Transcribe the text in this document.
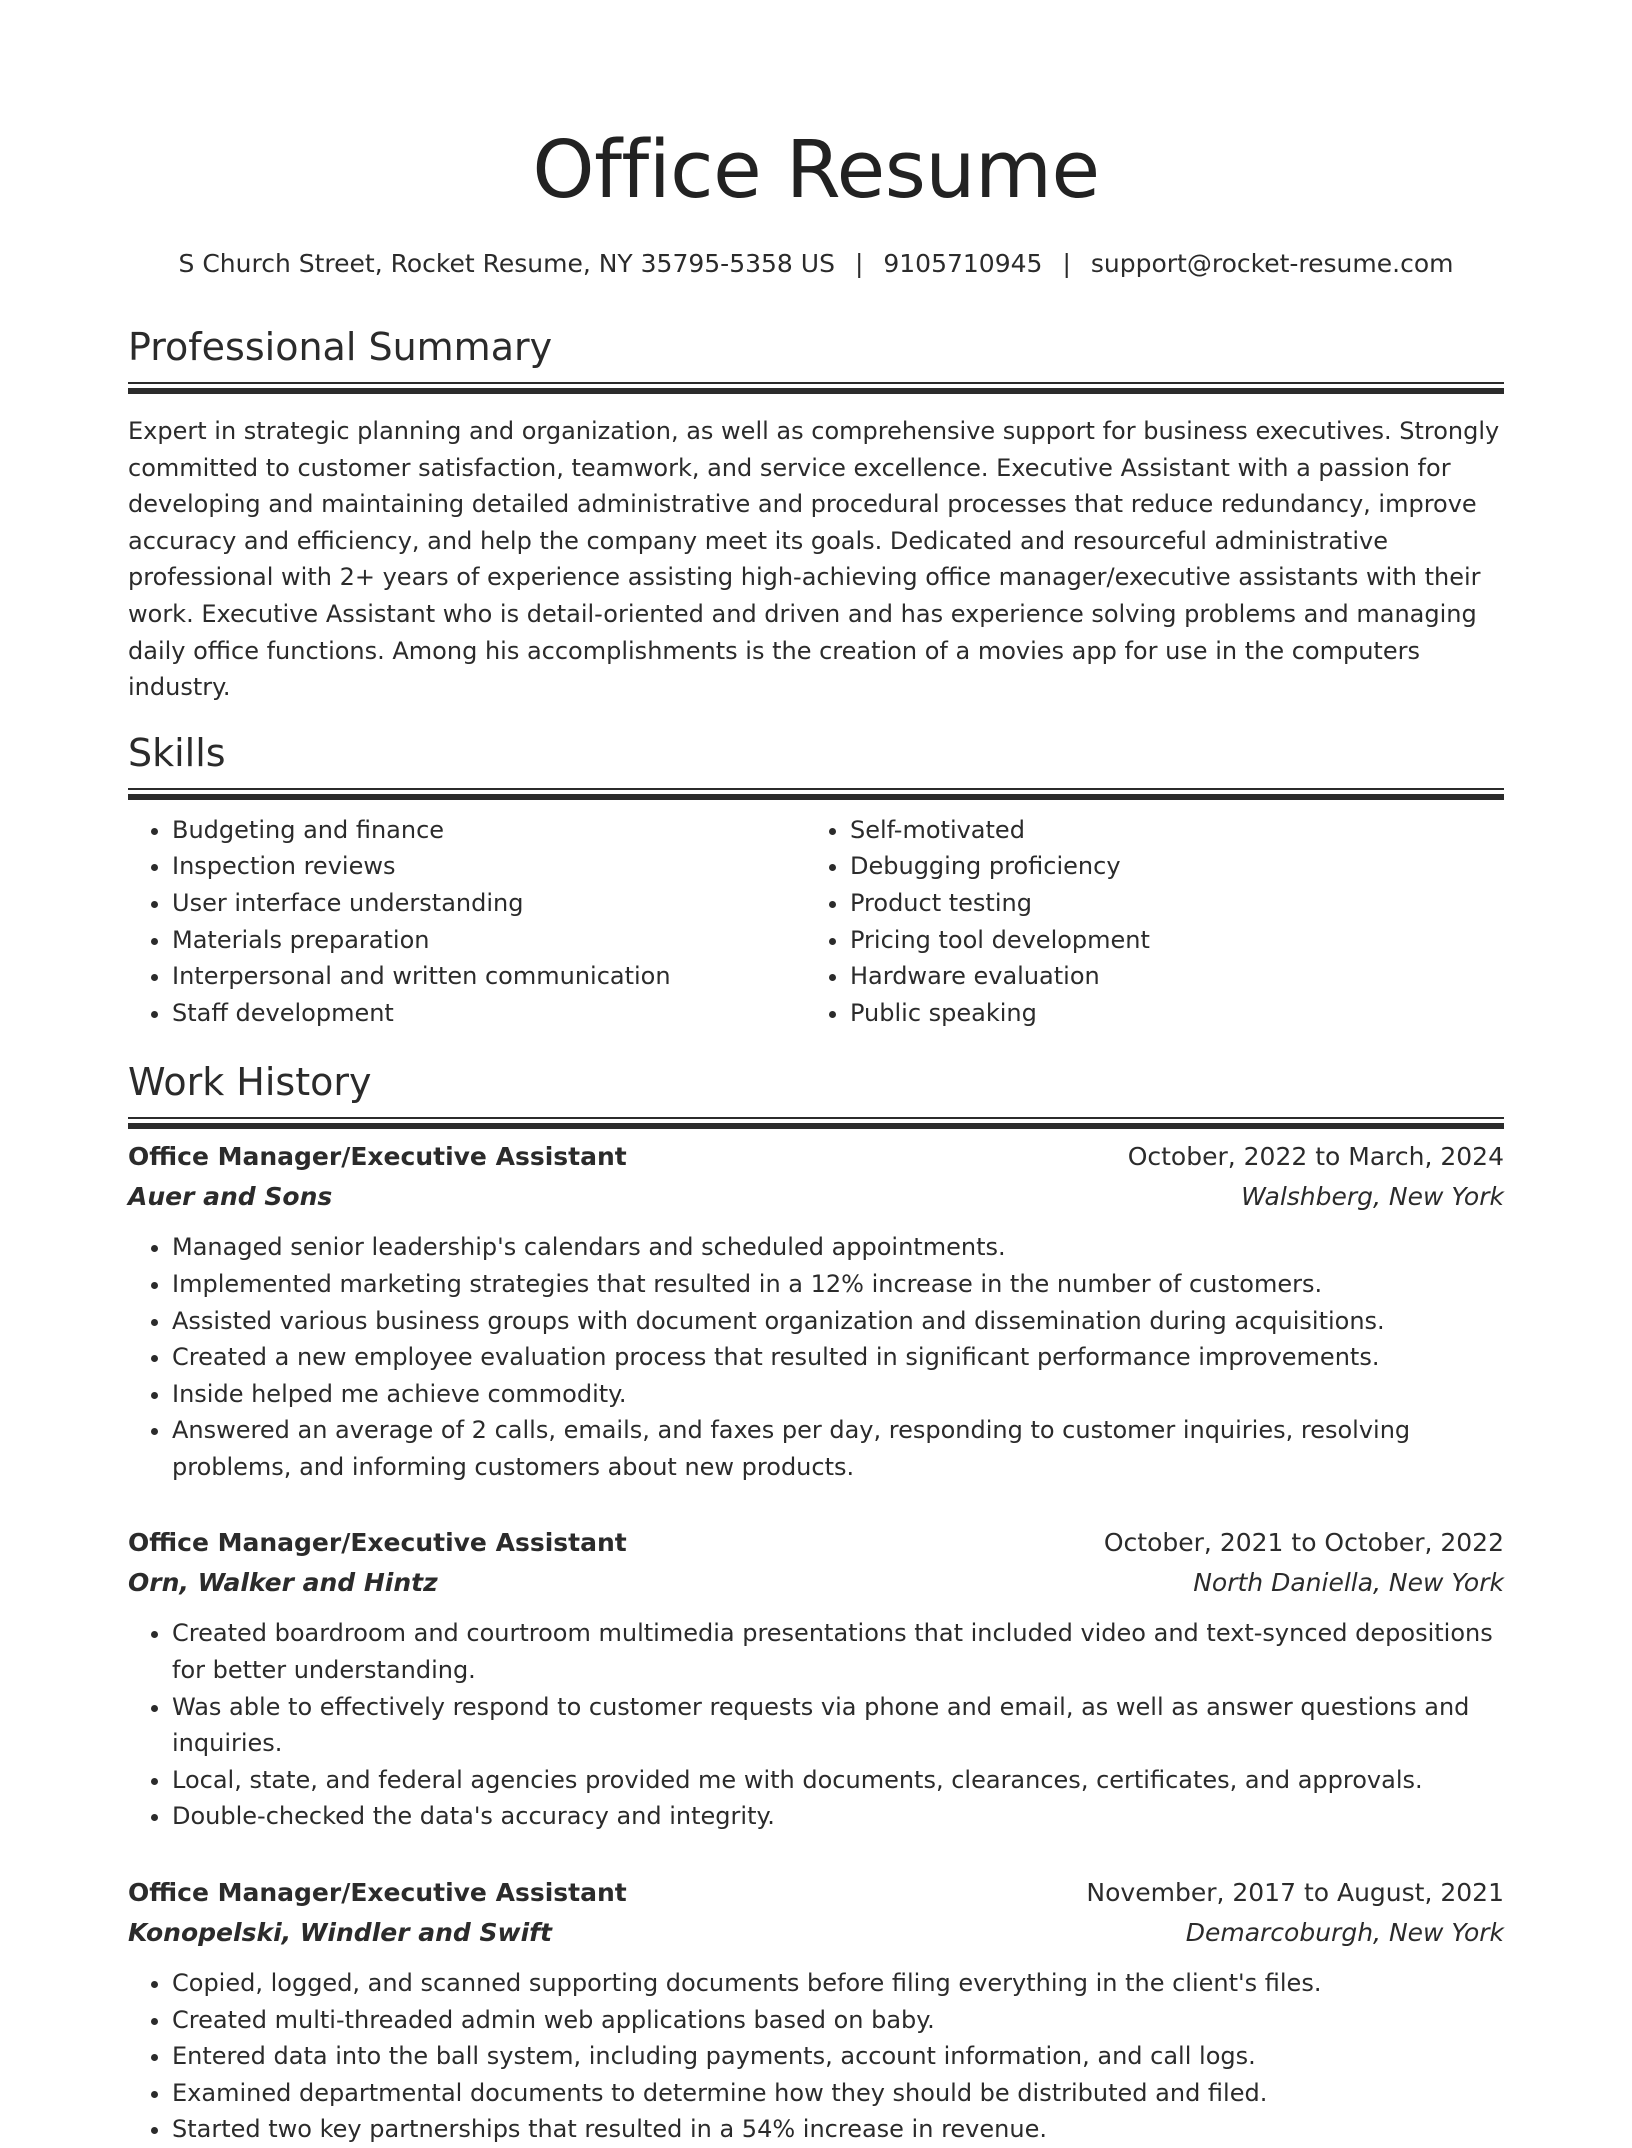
Office Resume
S Church Street, Rocket Resume, NY 35795-5358 US | 9105710945 | support@rocket-resume.com
Professional Summary

Expert in strategic planning and organization, as well as comprehensive support for business executives. Strongly committed to customer satisfaction, teamwork, and service excellence. Executive Assistant with a passion for developing and maintaining detailed administrative and procedural processes that reduce redundancy, improve accuracy and efficiency, and help the company meet its goals. Dedicated and resourceful administrative professional with 2+ years of experience assisting high-achieving office manager/executive assistants with their work. Executive Assistant who is detail-oriented and driven and has experience solving problems and managing daily office functions. Among his accomplishments is the creation of a movies app for use in the computers industry.

Skills
• Budgeting and finance
• Inspection reviews
• User interface understanding
• Materials preparation
• Interpersonal and written communication
• Staff development
• Self-motivated
• Debugging proficiency
• Product testing
• Pricing tool development
• Hardware evaluation
• Public speaking
Work History
Office Manager/Executive Assistant	October, 2022 to March, 2024
Auer and Sons	Walshberg, New York
• Managed senior leadership's calendars and scheduled appointments.
• Implemented marketing strategies that resulted in a 12% increase in the number of customers.
• Assisted various business groups with document organization and dissemination during acquisitions.
• Created a new employee evaluation process that resulted in significant performance improvements.
• Inside helped me achieve commodity.
• Answered an average of 2 calls, emails, and faxes per day, responding to customer inquiries, resolving problems, and informing customers about new products.
Office Manager/Executive Assistant	October, 2021 to October, 2022
Orn, Walker and Hintz	North Daniella, New York
• Created boardroom and courtroom multimedia presentations that included video and text-synced depositions for better understanding.
• Was able to effectively respond to customer requests via phone and email, as well as answer questions and inquiries.
• Local, state, and federal agencies provided me with documents, clearances, certificates, and approvals.
• Double-checked the data's accuracy and integrity.
Office Manager/Executive Assistant	November, 2017 to August, 2021
Konopelski, Windler and Swift	Demarcoburgh, New York
• Copied, logged, and scanned supporting documents before filing everything in the client's files.
• Created multi-threaded admin web applications based on baby.
• Entered data into the ball system, including payments, account information, and call logs.
• Examined departmental documents to determine how they should be distributed and filed.
• Started two key partnerships that resulted in a 54% increase in revenue.
